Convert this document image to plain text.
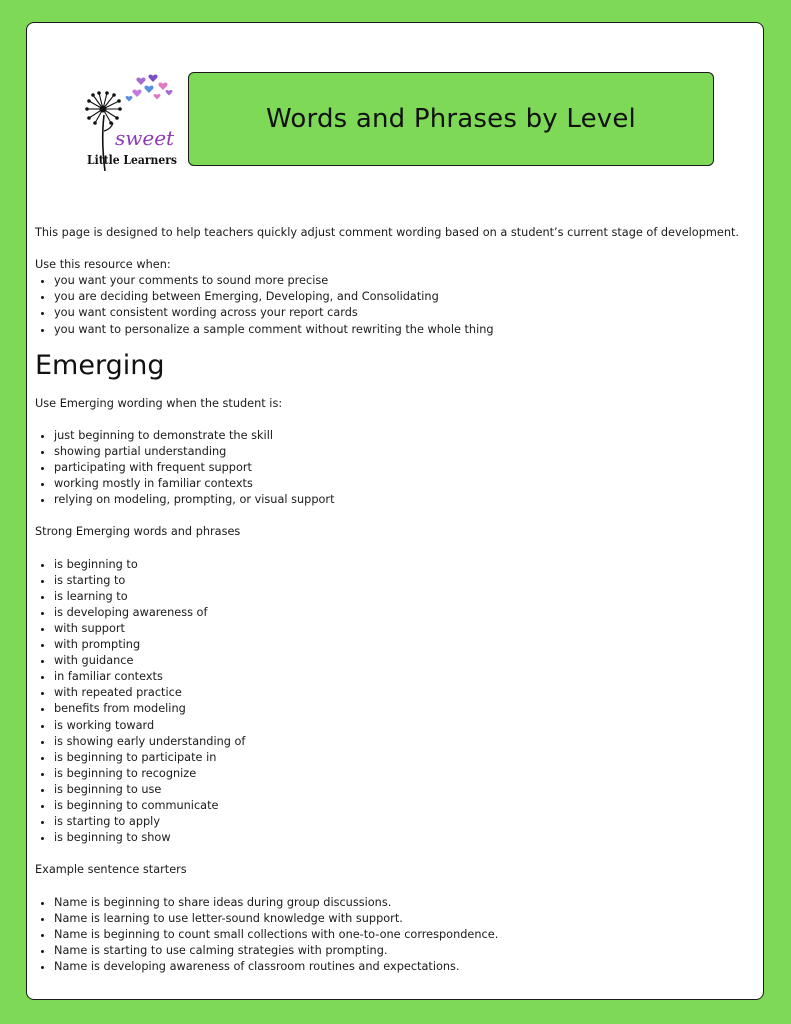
sweet
Little Learners
Words and Phrases by Level

This page is designed to help teachers quickly adjust comment wording based on a student’s current stage of development.

Use this resource when:

• you want your comments to sound more precise
• you are deciding between Emerging, Developing, and Consolidating
• you want consistent wording across your report cards
• you want to personalize a sample comment without rewriting the whole thing
Emerging

Use Emerging wording when the student is:

• just beginning to demonstrate the skill
• showing partial understanding
• participating with frequent support
• working mostly in familiar contexts
• relying on modeling, prompting, or visual support

Strong Emerging words and phrases

• is beginning to
• is starting to
• is learning to
• is developing awareness of
• with support
• with prompting
• with guidance
• in familiar contexts
• with repeated practice
• benefits from modeling
• is working toward
• is showing early understanding of
• is beginning to participate in
• is beginning to recognize
• is beginning to use
• is beginning to communicate
• is starting to apply
• is beginning to show

Example sentence starters

• Name is beginning to share ideas during group discussions.
• Name is learning to use letter-sound knowledge with support.
• Name is beginning to count small collections with one-to-one correspondence.
• Name is starting to use calming strategies with prompting.
• Name is developing awareness of classroom routines and expectations.
